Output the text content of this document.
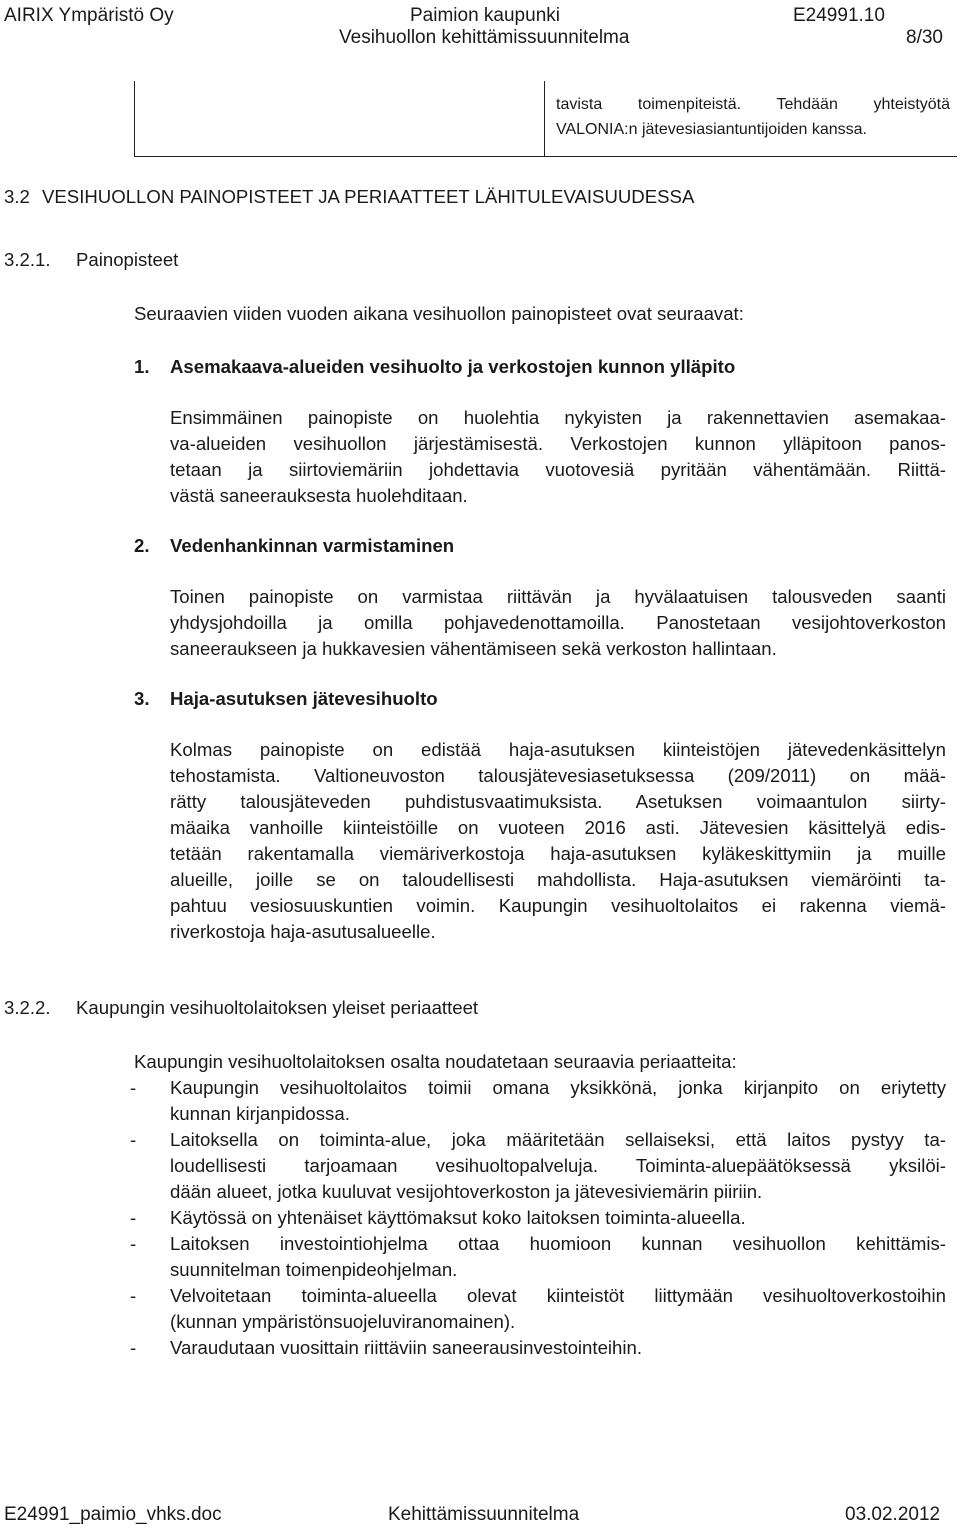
AIRIX Ympäristö Oy	Paimion kaupunki	E24991.10
Vesihuollon kehittämissuunnitelma	8/30
tavista toimenpiteistä. Tehdään yhteistyötä
VALONIA:n jätevesiasiantuntijoiden kanssa.
3.2 VESIHUOLLON PAINOPISTEET JA PERIAATTEET LÄHITULEVAISUUDESSA
3.2.1. Painopisteet
Seuraavien viiden vuoden aikana vesihuollon painopisteet ovat seuraavat:
1. Asemakaava-alueiden vesihuolto ja verkostojen kunnon ylläpito
Ensimmäinen painopiste on huolehtia nykyisten ja rakennettavien asemakaa-
va-alueiden vesihuollon järjestämisestä. Verkostojen kunnon ylläpitoon panos-
tetaan ja siirtoviemäriin johdettavia vuotovesiä pyritään vähentämään. Riittä-
västä saneerauksesta huolehditaan.
2. Vedenhankinnan varmistaminen
Toinen painopiste on varmistaa riittävän ja hyvälaatuisen talousveden saanti
yhdysjohdoilla ja omilla pohjavedenottamoilla. Panostetaan vesijohtoverkoston
saneeraukseen ja hukkavesien vähentämiseen sekä verkoston hallintaan.
3. Haja-asutuksen jätevesihuolto
Kolmas painopiste on edistää haja-asutuksen kiinteistöjen jätevedenkäsittelyn
tehostamista. Valtioneuvoston talousjätevesiasetuksessa (209/2011) on mää-
rätty talousjäteveden puhdistusvaatimuksista. Asetuksen voimaantulon siirty-
mäaika vanhoille kiinteistöille on vuoteen 2016 asti. Jätevesien käsittelyä edis-
tetään rakentamalla viemäriverkostoja haja-asutuksen kyläkeskittymiin ja muille
alueille, joille se on taloudellisesti mahdollista. Haja-asutuksen viemäröinti ta-
pahtuu vesiosuuskuntien voimin. Kaupungin vesihuoltolaitos ei rakenna viemä-
riverkostoja haja-asutusalueelle.
3.2.2. Kaupungin vesihuoltolaitoksen yleiset periaatteet
Kaupungin vesihuoltolaitoksen osalta noudatetaan seuraavia periaatteita:
- Kaupungin vesihuoltolaitos toimii omana yksikkönä, jonka kirjanpito on eriytetty
kunnan kirjanpidossa.
- Laitoksella on toiminta-alue, joka määritetään sellaiseksi, että laitos pystyy ta-
loudellisesti tarjoamaan vesihuoltopalveluja. Toiminta-aluepäätöksessä yksilöi-
dään alueet, jotka kuuluvat vesijohtoverkoston ja jätevesiviemärin piiriin.
- Käytössä on yhtenäiset käyttömaksut koko laitoksen toiminta-alueella.
- Laitoksen investointiohjelma ottaa huomioon kunnan vesihuollon kehittämis-
suunnitelman toimenpideohjelman.
- Velvoitetaan toiminta-alueella olevat kiinteistöt liittymään vesihuoltoverkostoihin
(kunnan ympäristönsuojeluviranomainen).
- Varaudutaan vuosittain riittäviin saneerausinvestointeihin.
E24991_paimio_vhks.doc	Kehittämissuunnitelma	03.02.2012
